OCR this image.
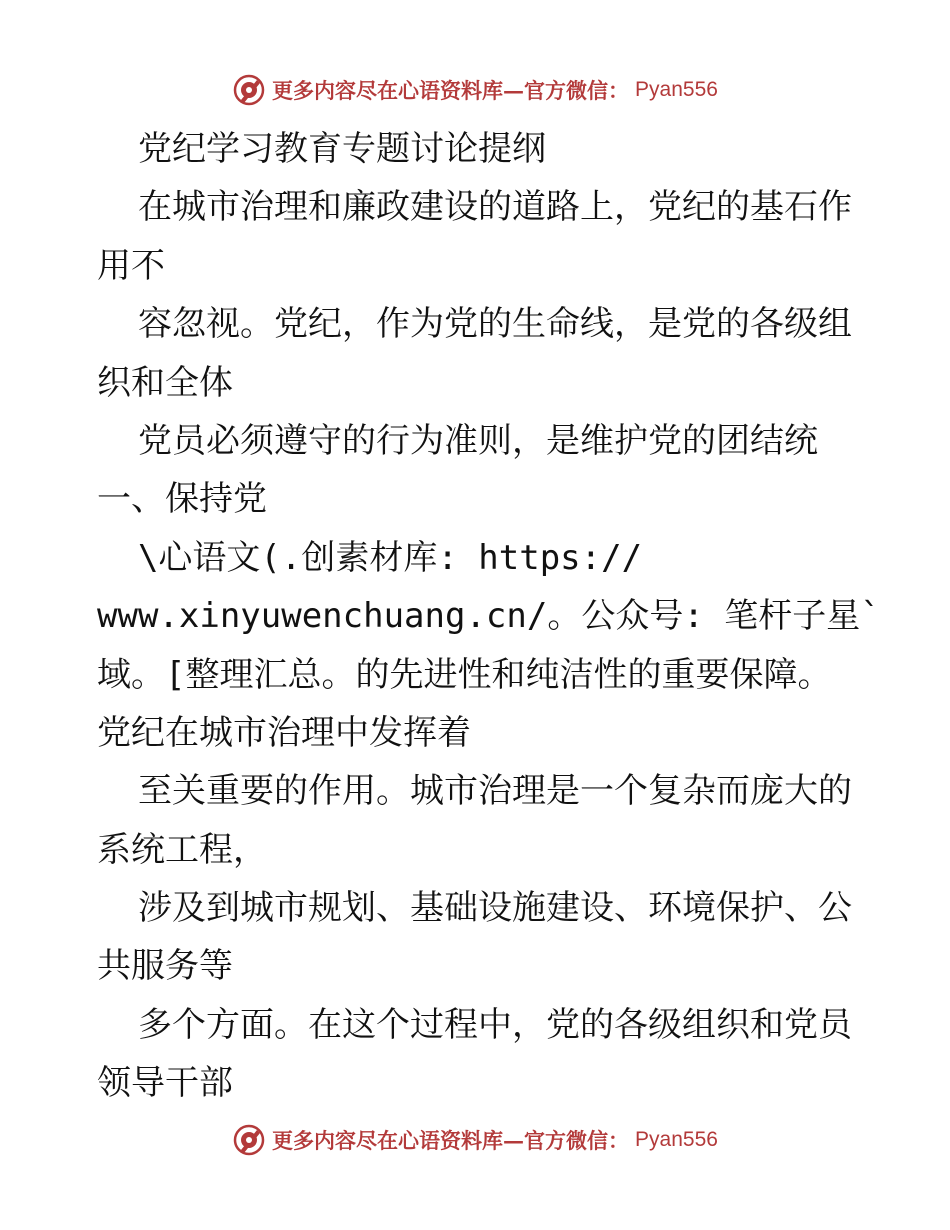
更多内容尽在心语资料库—官方微信： Pyan556
党纪学习教育专题讨论提纲
在城市治理和廉政建设的道路上，党纪的基石作
用不
容忽视。党纪，作为党的生命线，是党的各级组
织和全体
党员必须遵守的行为准则，是维护党的团结统
一、保持党
\心语文(.创素材库: https://
www.xinyuwenchuang.cn/。公众号: 笔杆子星`
域。[整理汇总。的先进性和纯洁性的重要保障。
党纪在城市治理中发挥着
至关重要的作用。城市治理是一个复杂而庞大的
系统工程，
涉及到城市规划、基础设施建设、环境保护、公
共服务等
多个方面。在这个过程中，党的各级组织和党员
领导干部
更多内容尽在心语资料库—官方微信： Pyan556
